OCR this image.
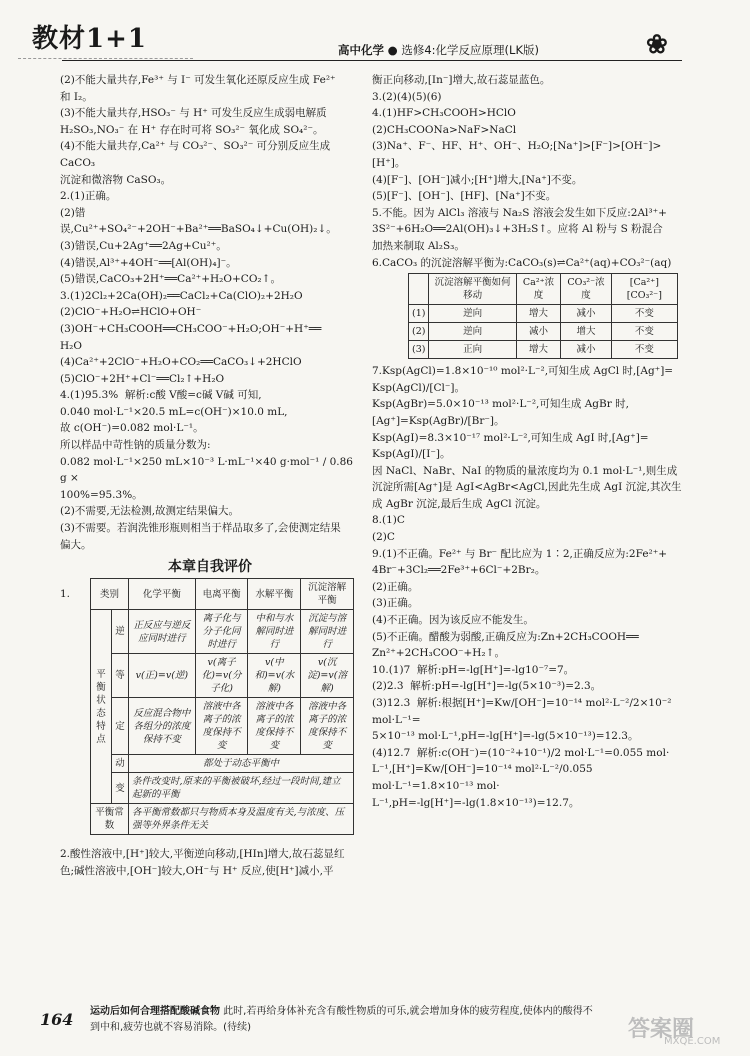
教材1+1	高中化学 ● 选修4:化学反应原理(LK版)	❀

(2)不能大量共存,Fe³⁺ 与 I⁻ 可发生氧化还原反应生成 Fe²⁺

和 I₂。

(3)不能大量共存,HSO₃⁻ 与 H⁺ 可发生反应生成弱电解质

H₂SO₃,NO₃⁻ 在 H⁺ 存在时可将 SO₃²⁻ 氧化成 SO₄²⁻。

(4)不能大量共存,Ca²⁺ 与 CO₃²⁻、SO₃²⁻ 可分别反应生成 CaCO₃

沉淀和微溶物 CaSO₃。

2.(1)正确。

(2)错误,Cu²⁺+SO₄²⁻+2OH⁻+Ba²⁺══BaSO₄↓+Cu(OH)₂↓。

(3)错误,Cu+2Ag⁺══2Ag+Cu²⁺。

(4)错误,Al³⁺+4OH⁻══[Al(OH)₄]⁻。

(5)错误,CaCO₃+2H⁺══Ca²⁺+H₂O+CO₂↑。

3.(1)2Cl₂+2Ca(OH)₂══CaCl₂+Ca(ClO)₂+2H₂O

(2)ClO⁻+H₂O⇌HClO+OH⁻

(3)OH⁻+CH₃COOH══CH₃COO⁻+H₂O;OH⁻+H⁺══

H₂O

(4)Ca²⁺+2ClO⁻+H₂O+CO₂══CaCO₃↓+2HClO

(5)ClO⁻+2H⁺+Cl⁻══Cl₂↑+H₂O

4.(1)95.3%  解析:c酸 V酸=c碱 V碱 可知,

0.040 mol·L⁻¹×20.5 mL=c(OH⁻)×10.0 mL,

故 c(OH⁻)=0.082 mol·L⁻¹。

所以样品中苛性钠的质量分数为:

0.082 mol·L⁻¹×250 mL×10⁻³ L·mL⁻¹×40 g·mol⁻¹ / 0.86 g ×

100%=95.3%。

(2)不需要,无法检测,故测定结果偏大。

(3)不需要。若润洗锥形瓶则相当于样品取多了,会使测定结果

偏大。

本章自我评价

1.	类别		化学平衡	电离平衡	水解平衡	沉淀溶解平衡
平衡状态特点	逆	正反应与逆反应同时进行	离子化与分子化同时进行	中和与水解同时进行	沉淀与溶解同时进行
	等	v(正)=v(逆)	v(离子化)=v(分子化)	v(中和)=v(水解)	v(沉淀)=v(溶解)
	定	反应混合物中各组分的浓度保持不变	溶液中各离子的浓度保持不变	溶液中各离子的浓度保持不变	溶液中各离子的浓度保持不变
	动	都处于动态平衡中			
	变	条件改变时,原来的平衡被破坏,经过一段时间,建立起新的平衡			
平衡常数		各平衡常数都只与物质本身及温度有关,与浓度、压强等外界条件无关			

2.酸性溶液中,[H⁺]较大,平衡逆向移动,[HIn]增大,故石蕊显红

色;碱性溶液中,[OH⁻]较大,OH⁻与 H⁺ 反应,使[H⁺]减小,平

衡正向移动,[In⁻]增大,故石蕊显蓝色。

3.(2)(4)(5)(6)

4.(1)HF>CH₃COOH>HClO

(2)CH₃COONa>NaF>NaCl

(3)Na⁺、F⁻、HF、H⁺、OH⁻、H₂O;[Na⁺]>[F⁻]>[OH⁻]>

[H⁺]。

(4)[F⁻]、[OH⁻]减小;[H⁺]增大,[Na⁺]不变。

(5)[F⁻]、[OH⁻]、[HF]、[Na⁺]不变。

5.不能。因为 AlCl₃ 溶液与 Na₂S 溶液会发生如下反应:2Al³⁺+

3S²⁻+6H₂O══2Al(OH)₃↓+3H₂S↑。应将 Al 粉与 S 粉混合

加热来制取 Al₂S₃。

6.CaCO₃ 的沉淀溶解平衡为:CaCO₃(s)⇌Ca²⁺(aq)+CO₃²⁻(aq)

	沉淀溶解平衡如何移动	Ca²⁺浓度	CO₃²⁻浓度	[Ca²⁺][CO₃²⁻]
(1)	逆向	增大	减小	不变
(2)	逆向	减小	增大	不变
(3)	正向	增大	减小	不变

7.Ksp(AgCl)=1.8×10⁻¹⁰ mol²·L⁻²,可知生成 AgCl 时,[Ag⁺]=

Ksp(AgCl)/[Cl⁻]。

Ksp(AgBr)=5.0×10⁻¹³ mol²·L⁻²,可知生成 AgBr 时,

[Ag⁺]=Ksp(AgBr)/[Br⁻]。

Ksp(AgI)=8.3×10⁻¹⁷ mol²·L⁻²,可知生成 AgI 时,[Ag⁺]=

Ksp(AgI)/[I⁻]。

因 NaCl、NaBr、NaI 的物质的量浓度均为 0.1 mol·L⁻¹,则生成

沉淀所需[Ag⁺]是 AgI<AgBr<AgCl,因此先生成 AgI 沉淀,其次生

成 AgBr 沉淀,最后生成 AgCl 沉淀。

8.(1)C

(2)C

9.(1)不正确。Fe²⁺ 与 Br⁻ 配比应为 1∶2,正确反应为:2Fe²⁺+

4Br⁻+3Cl₂══2Fe³⁺+6Cl⁻+2Br₂。

(2)正确。

(3)正确。

(4)不正确。因为该反应不能发生。

(5)不正确。醋酸为弱酸,正确反应为:Zn+2CH₃COOH══

Zn²⁺+2CH₃COO⁻+H₂↑。

10.(1)7  解析:pH=-lg[H⁺]=-lg10⁻⁷=7。

(2)2.3  解析:pH=-lg[H⁺]=-lg(5×10⁻³)=2.3。

(3)12.3  解析:根据[H⁺]=Kw/[OH⁻]=10⁻¹⁴ mol²·L⁻²/2×10⁻² mol·L⁻¹=

5×10⁻¹³ mol·L⁻¹,pH=-lg[H⁺]=-lg(5×10⁻¹³)=12.3。

(4)12.7  解析:c(OH⁻)=(10⁻²+10⁻¹)/2 mol·L⁻¹=0.055 mol·

L⁻¹,[H⁺]=Kw/[OH⁻]=10⁻¹⁴ mol²·L⁻²/0.055 mol·L⁻¹=1.8×10⁻¹³ mol·

L⁻¹,pH=-lg[H⁺]=-lg(1.8×10⁻¹³)=12.7。

164 运动后如何合理搭配酸碱食物 此时,若再给身体补充含有酸性物质的可乐,就会增加身体的疲劳程度,使体内的酸得不
到中和,疲劳也就不容易消除。(待续)	答案圈
MXQE.COM
